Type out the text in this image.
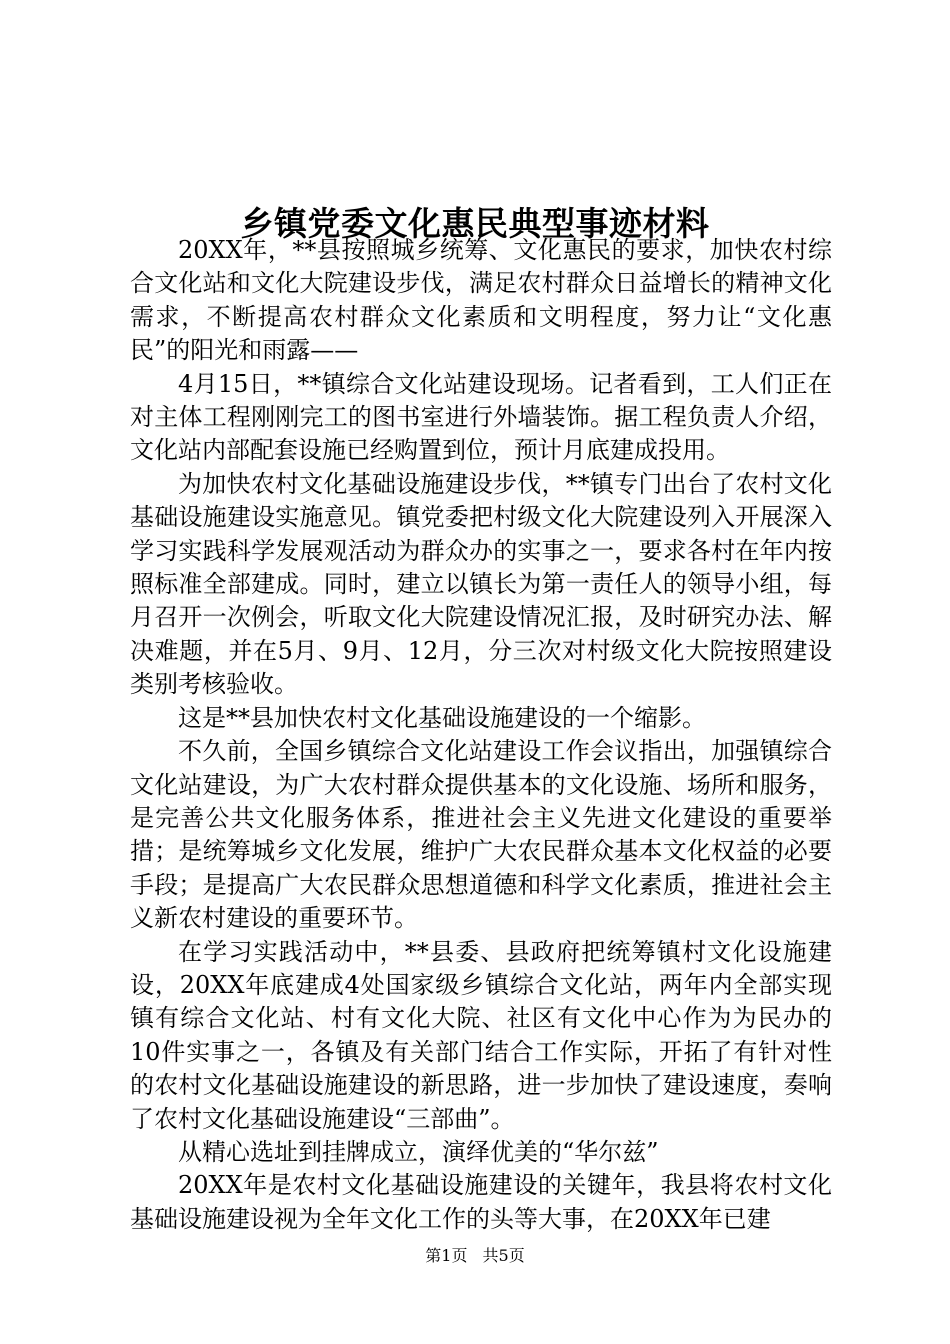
乡镇党委文化惠民典型事迹材料

20XX年，**县按照城乡统筹、文化惠民的要求，加快农村综合文化站和文化大院建设步伐，满足农村群众日益增长的精神文化需求，不断提高农村群众文化素质和文明程度，努力让“文化惠民”的阳光和雨露——

4月15日，**镇综合文化站建设现场。记者看到，工人们正在对主体工程刚刚完工的图书室进行外墙装饰。据工程负责人介绍，文化站内部配套设施已经购置到位，预计月底建成投用。

为加快农村文化基础设施建设步伐，**镇专门出台了农村文化基础设施建设实施意见。镇党委把村级文化大院建设列入开展深入学习实践科学发展观活动为群众办的实事之一，要求各村在年内按照标准全部建成。同时，建立以镇长为第一责任人的领导小组，每月召开一次例会，听取文化大院建设情况汇报，及时研究办法、解决难题，并在5月、9月、12月，分三次对村级文化大院按照建设类别考核验收。

这是**县加快农村文化基础设施建设的一个缩影。

不久前，全国乡镇综合文化站建设工作会议指出，加强镇综合文化站建设，为广大农村群众提供基本的文化设施、场所和服务，是完善公共文化服务体系，推进社会主义先进文化建设的重要举措；是统筹城乡文化发展，维护广大农民群众基本文化权益的必要手段；是提高广大农民群众思想道德和科学文化素质，推进社会主义新农村建设的重要环节。

在学习实践活动中，**县委、县政府把统筹镇村文化设施建设，20XX年底建成4处国家级乡镇综合文化站，两年内全部实现镇有综合文化站、村有文化大院、社区有文化中心作为为民办的10件实事之一，各镇及有关部门结合工作实际，开拓了有针对性的农村文化基础设施建设的新思路，进一步加快了建设速度，奏响了农村文化基础设施建设“三部曲”。

从精心选址到挂牌成立，演绎优美的“华尔兹”

20XX年是农村文化基础设施建设的关键年，我县将农村文化基础设施建设视为全年文化工作的头等大事，在20XX年已建

第1页 共5页
